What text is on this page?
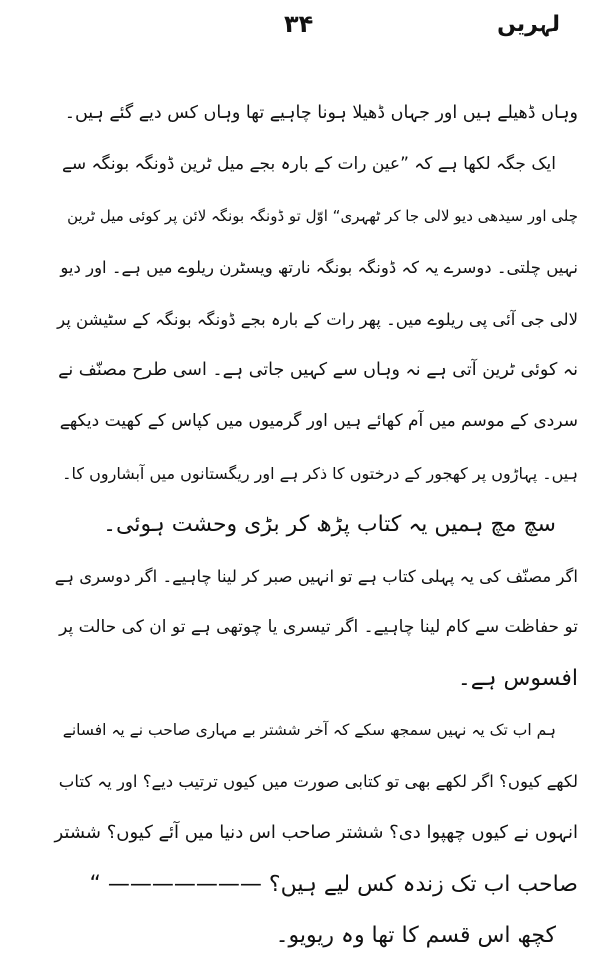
۳۴	لہریں
وہاں ڈھیلے ہیں اور جہاں ڈھیلا ہونا چاہیے تھا وہاں کس دیے گئے ہیں۔
ایک جگہ لکھا ہے کہ ”عین رات کے بارہ بجے میل ٹرین ڈونگہ بونگہ سے
چلی اور سیدھی دیو لالی جا کر ٹھہری“ اوّل تو ڈونگہ بونگہ لائن پر کوئی میل ٹرین
نہیں چلتی۔ دوسرے یہ کہ ڈونگہ بونگہ نارتھ ویسٹرن ریلوے میں ہے۔ اور دیو
لالی جی آئی پی ریلوے میں۔ پھر رات کے بارہ بجے ڈونگہ بونگہ کے سٹیشن پر
نہ کوئی ٹرین آتی ہے نہ وہاں سے کہیں جاتی ہے۔ اسی طرح مصنّف نے
سردی کے موسم میں آم کھائے ہیں اور گرمیوں میں کپاس کے کھیت دیکھے
ہیں۔ پہاڑوں پر کھجور کے درختوں کا ذکر ہے اور ریگستانوں میں آبشاروں کا۔
سچ مچ ہمیں یہ کتاب پڑھ کر بڑی وحشت ہوئی۔
اگر مصنّف کی یہ پہلی کتاب ہے تو انہیں صبر کر لینا چاہیے۔ اگر دوسری ہے
تو حفاظت سے کام لینا چاہیے۔ اگر تیسری یا چوتھی ہے تو ان کی حالت پر
افسوس ہے۔
ہم اب تک یہ نہیں سمجھ سکے کہ آخر ششتر بے مہاری صاحب نے یہ افسانے
لکھے کیوں؟ اگر لکھے بھی تو کتابی صورت میں کیوں ترتیب دیے؟ اور یہ کتاب
انہوں نے کیوں چھپوا دی؟ ششتر صاحب اس دنیا میں آئے کیوں؟ ششتر
صاحب اب تک زندہ کس لیے ہیں؟ ——————— “
کچھ اس قسم کا تھا وہ ریویو۔
